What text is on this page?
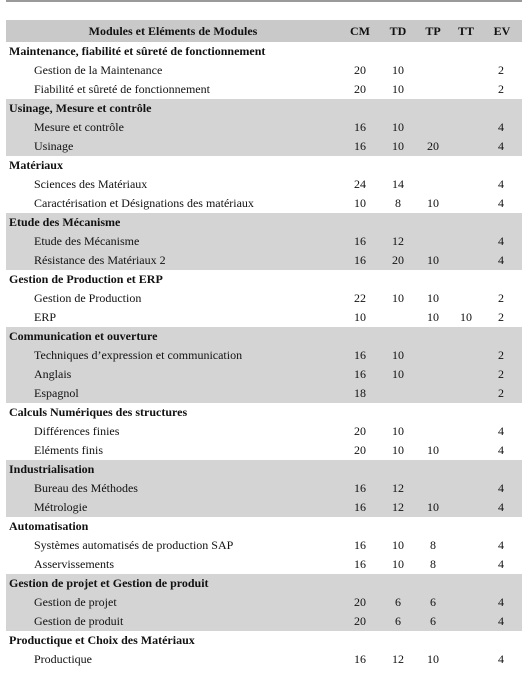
Modules et Eléments de Modules	CM	TD	TP	TT	EV
Maintenance, fiabilité et sûreté de fonctionnement					
Gestion de la Maintenance	20	10			2
Fiabilité et sûreté de fonctionnement	20	10			2
Usinage, Mesure et contrôle					
Mesure et contrôle	16	10			4
Usinage	16	10	20		4
Matériaux					
Sciences des Matériaux	24	14			4
Caractérisation et Désignations des matériaux	10	8	10		4
Etude des Mécanisme					
Etude des Mécanisme	16	12			4
Résistance des Matériaux 2	16	20	10		4
Gestion de Production et ERP					
Gestion de Production	22	10	10		2
ERP	10		10	10	2
Communication et ouverture					
Techniques d’expression et communication	16	10			2
Anglais	16	10			2
Espagnol	18				2
Calculs Numériques des structures					
Différences finies	20	10			4
Eléments finis	20	10	10		4
Industrialisation					
Bureau des Méthodes	16	12			4
Métrologie	16	12	10		4
Automatisation					
Systèmes automatisés de production SAP	16	10	8		4
Asservissements	16	10	8		4
Gestion de projet et Gestion de produit					
Gestion de projet	20	6	6		4
Gestion de produit	20	6	6		4
Productique et Choix des Matériaux					
Productique	16	12	10		4
